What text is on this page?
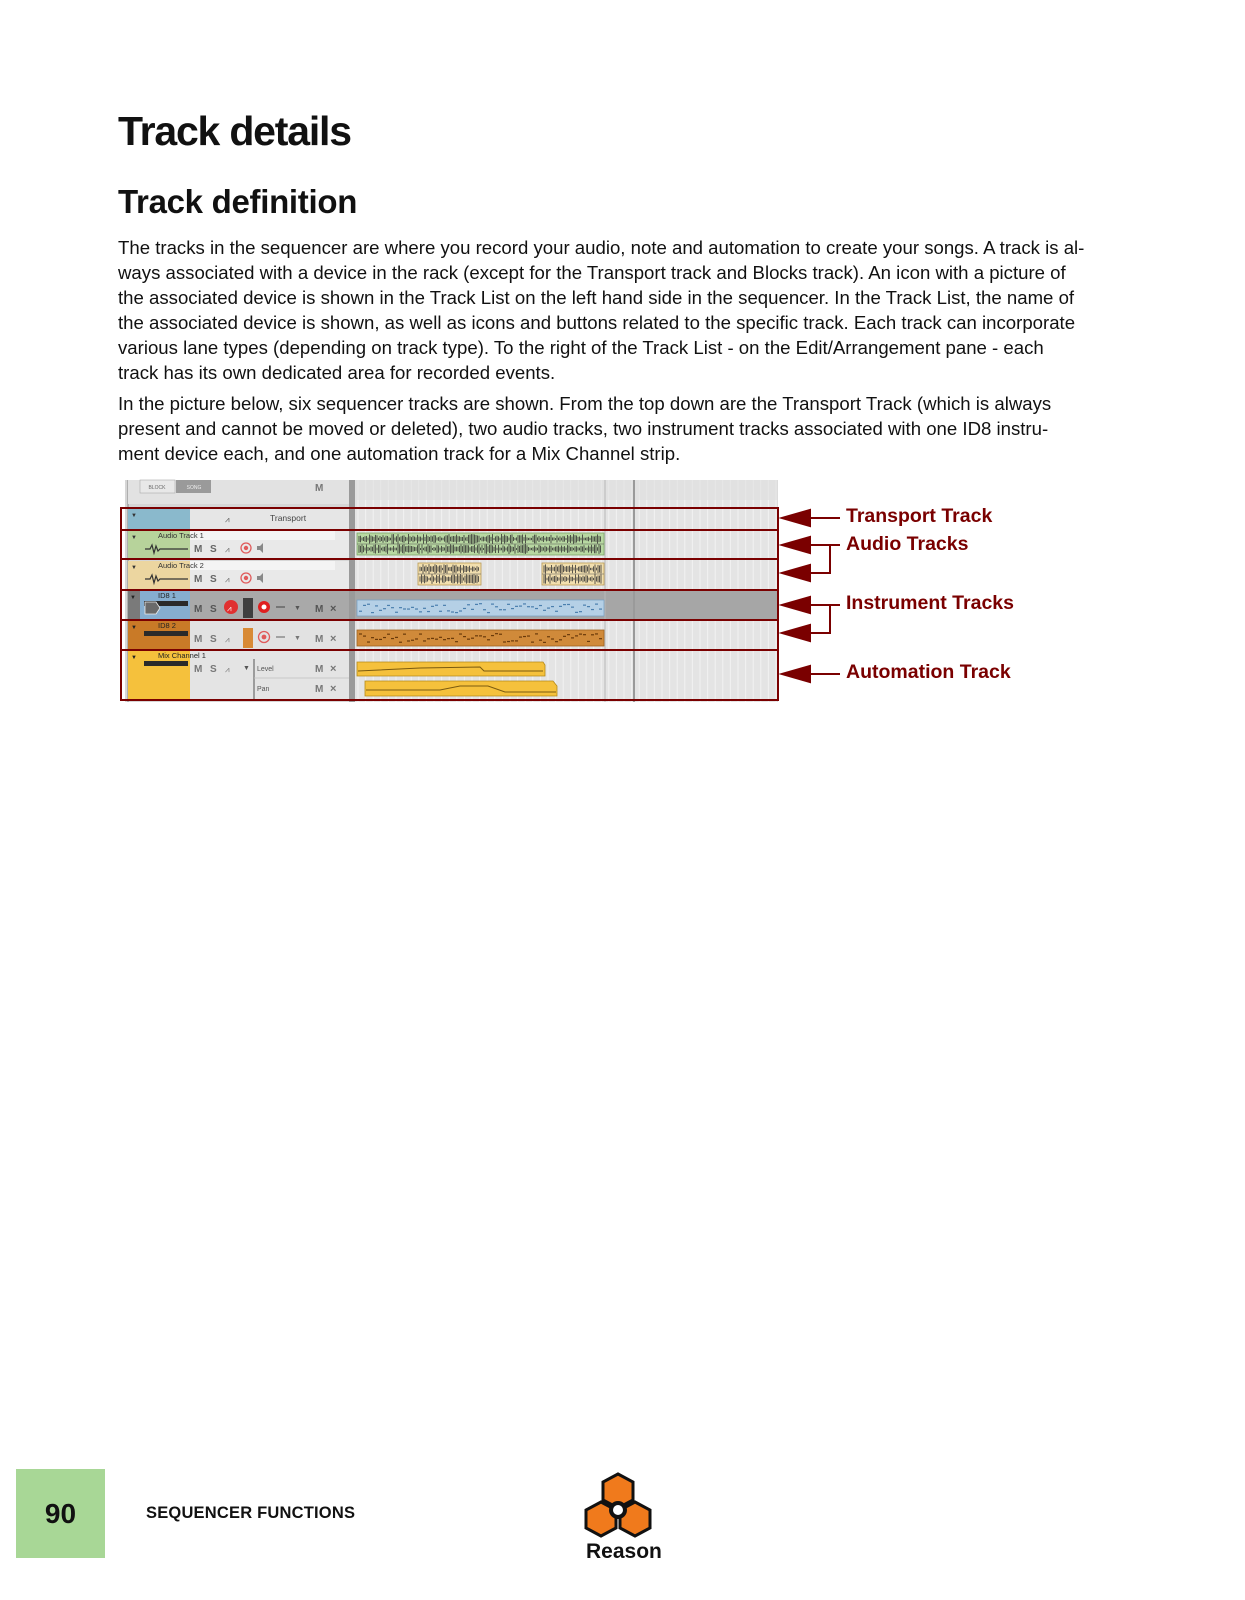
Track details
Track definition

The tracks in the sequencer are where you record your audio, note and automation to create your songs. A track is al-
ways associated with a device in the rack (except for the Transport track and Blocks track). An icon with a picture of
the associated device is shown in the Track List on the left hand side in the sequencer. In the Track List, the name of
the associated device is shown, as well as icons and buttons related to the specific track. Each track can incorporate
various lane types (depending on track type). To the right of the Track List - on the Edit/Arrangement pane - each
track has its own dedicated area for recorded events.

In the picture below, six sequencer tracks are shown. From the top down are the Transport Track (which is always
present and cannot be moved or deleted), two audio tracks, two instrument tracks associated with one ID8 instru-
ment device each, and one automation track for a Mix Channel strip.

BLOCK	SONG	M
▼	⩘	Transport
▼	Audio Track 1
M S ⩘
▼	Audio Track 2
M S ⩘
▼	ID8 1
M S ⩘	▼ M ×
▼	ID8 2
M S ⩘	▼ M ×
▼	Mix Channel 1
M S ⩘ ▼ Level	M ×
Pan	M ×
Transport Track
Audio Tracks
Instrument Tracks
Automation Track
90	SEQUENCER FUNCTIONS
Reason
